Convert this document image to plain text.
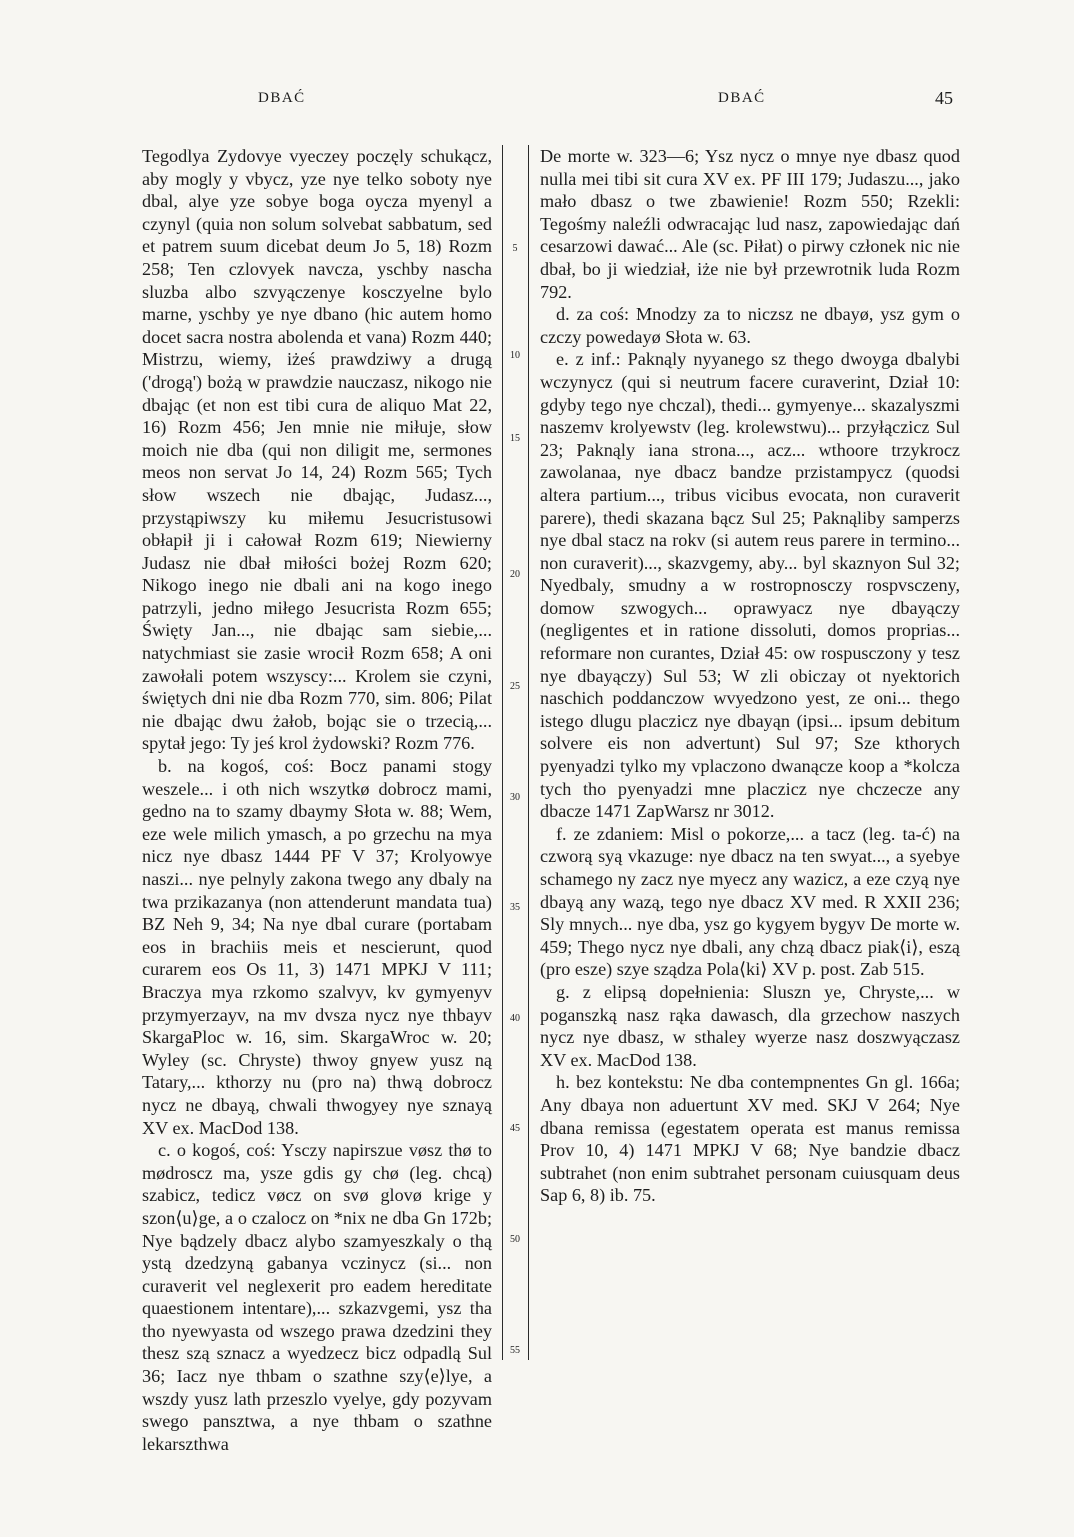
DBAĆ	DBAĆ	45

Tegodlya Zydovye vyeczey poczęly schukącz, aby mogly y vbycz, yze nye telko soboty nye dbal, alye yze sobye boga oycza myenyl a czynyl (quia non solum solvebat sabbatum, sed et patrem suum dicebat deum Jo 5, 18) Rozm 258; Ten czlovyek navcza, yschby nascha sluzba albo szvyączenye kosczyelne bylo marne, yschby ye nye dbano (hic autem homo docet sacra nostra abolenda et vana) Rozm 440; Mistrzu, wiemy, iżeś prawdziwy a drugą ('drogą') bożą w prawdzie nauczasz, nikogo nie dbając (et non est tibi cura de aliquo Mat 22, 16) Rozm 456; Jen mnie nie miłuje, słow moich nie dba (qui non diligit me, sermones meos non servat Jo 14, 24) Rozm 565; Tych słow wszech nie dbając, Judasz..., przystąpiwszy ku miłemu Jesucristusowi obłapił ji i całował Rozm 619; Niewierny Judasz nie dbał miłości bożej Rozm 620; Nikogo inego nie dbali ani na kogo inego patrzyli, jedno miłego Jesucrista Rozm 655; Święty Jan..., nie dbając sam siebie,... natychmiast sie zasie wrocił Rozm 658; A oni zawołali potem wszyscy:... Krolem sie czyni, świętych dni nie dba Rozm 770, sim. 806; Pilat nie dbając dwu żałob, bojąc sie o trzecią,... spytał jego: Ty jeś krol żydowski? Rozm 776.

b. na kogoś, coś: Bocz panami stogy weszele... i oth nich wszytkø dobrocz mami, gedno na to szamy dbaymy Słota w. 88; Wem, eze wele milich ymasch, a po grzechu na mya nicz nye dbasz 1444 PF V 37; Krolyowye naszi... nye pelnyly zakona twego any dbaly na twa przikazanya (non attenderunt mandata tua) BZ Neh 9, 34; Na nye dbal curare (portabam eos in brachiis meis et nescierunt, quod curarem eos Os 11, 3) 1471 MPKJ V 111; Braczya mya rzkomo szalvyv, kv gymyenyv przymyerzayv, na mv dvsza nycz nye thbayv SkargaPloc w. 16, sim. SkargaWroc w. 20; Wyley (sc. Chryste) thwoy gnyew yusz ną Tatary,... kthorzy nu (pro na) thwą dobrocz nycz ne dbayą, chwali thwogyey nye sznayą XV ex. MacDod 138.

c. o kogoś, coś: Ysczy napirszue vøsz thø to mødroscz ma, ysze gdis gy chø (leg. chcą) szabicz, tedicz vøcz on svø glovø krige y szon⟨u⟩ge, a o czalocz on *nix ne dba Gn 172b; Nye bądzely dbacz alybo szamyeszkaly o thą ystą dzedzyną gabanya vczinycz (si... non curaverit vel neglexerit pro eadem hereditate quaestionem intentare),... szkazvgemi, ysz tha tho nyewyasta od wszego prawa dzedzini they thesz szą sznacz a wyedzecz bicz odpadlą Sul 36; Iacz nye thbam o szathne szy⟨e⟩lye, a wszdy yusz lath przeszlo vyelye, gdy pozyvam swego pansztwa, a nye thbam o szathne lekarszthwa

5
10
15
20
25
30
35
40
45
50
55

De morte w. 323—6; Ysz nycz o mnye nye dbasz quod nulla mei tibi sit cura XV ex. PF III 179; Judaszu..., jako mało dbasz o twe zbawienie! Rozm 550; Rzekli: Tegośmy naleźli odwracając lud nasz, zapowiedając dań cesarzowi dawać... Ale (sc. Piłat) o pirwy członek nic nie dbał, bo ji wiedział, iże nie był przewrotnik luda Rozm 792.

d. za coś: Mnodzy za to niczsz ne dbayø, ysz gym o czczy powedayø Słota w. 63.

e. z inf.: Paknąly nyyanego sz thego dwoyga dbalybi wczynycz (qui si neutrum facere curaverint, Dział 10: gdyby tego nye chczal), thedi... gymyenye... skazalyszmi naszemv krolyewstv (leg. krolewstwu)... przyłączicz Sul 23; Paknąly iana strona..., acz... wthoore trzykrocz zawolanaa, nye dbacz bandze przistampycz (quodsi altera partium..., tribus vicibus evocata, non curaverit parere), thedi skazana bącz Sul 25; Paknąliby samperzs nye dbal stacz na rokv (si autem reus parere in termino... non curaverit)..., skazvgemy, aby... byl skaznyon Sul 32; Nyedbaly, smudny a w rostropnosczy rospvsczeny, domow szwogych... oprawyacz nye dbayączy (negligentes et in ratione dissoluti, domos proprias... reformare non curantes, Dział 45: ow rospusczony y tesz nye dbayączy) Sul 53; W zli obiczay ot nyektorich naschich poddanczow wvyedzono yest, ze oni... thego istego dlugu placzicz nye dbayąn (ipsi... ipsum debitum solvere eis non advertunt) Sul 97; Sze kthorych pyenyadzi tylko my vplaczono dwanącze koop a *kolcza tych tho pyenyadzi mne placzicz nye chczecze any dbacze 1471 ZapWarsz nr 3012.

f. ze zdaniem: Misl o pokorze,... a tacz (leg. ta-ć) na czworą syą vkazuge: nye dbacz na ten swyat..., a syebye schamego ny zacz nye myecz any wazicz, a eze czyą nye dbayą any wazą, tego nye dbacz XV med. R XXII 236; Sly mnych... nye dba, ysz go kygyem bygyv De morte w. 459; Thego nycz nye dbali, any chzą dbacz piak⟨i⟩, eszą (pro esze) szye sządza Pola⟨ki⟩ XV p. post. Zab 515.

g. z elipsą dopełnienia: Sluszn ye, Chryste,... w poganszką nasz rąka dawasch, dla grzechow naszych nycz nye dbasz, w sthaley wyerze nasz doszwyączasz XV ex. MacDod 138.

h. bez kontekstu: Ne dba contempnentes Gn gl. 166a; Any dbaya non aduertunt XV med. SKJ V 264; Nye dbana remissa (egestatem operata est manus remissa Prov 10, 4) 1471 MPKJ V 68; Nye bandzie dbacz subtrahet (non enim subtrahet personam cuiusquam deus Sap 6, 8) ib. 75.
